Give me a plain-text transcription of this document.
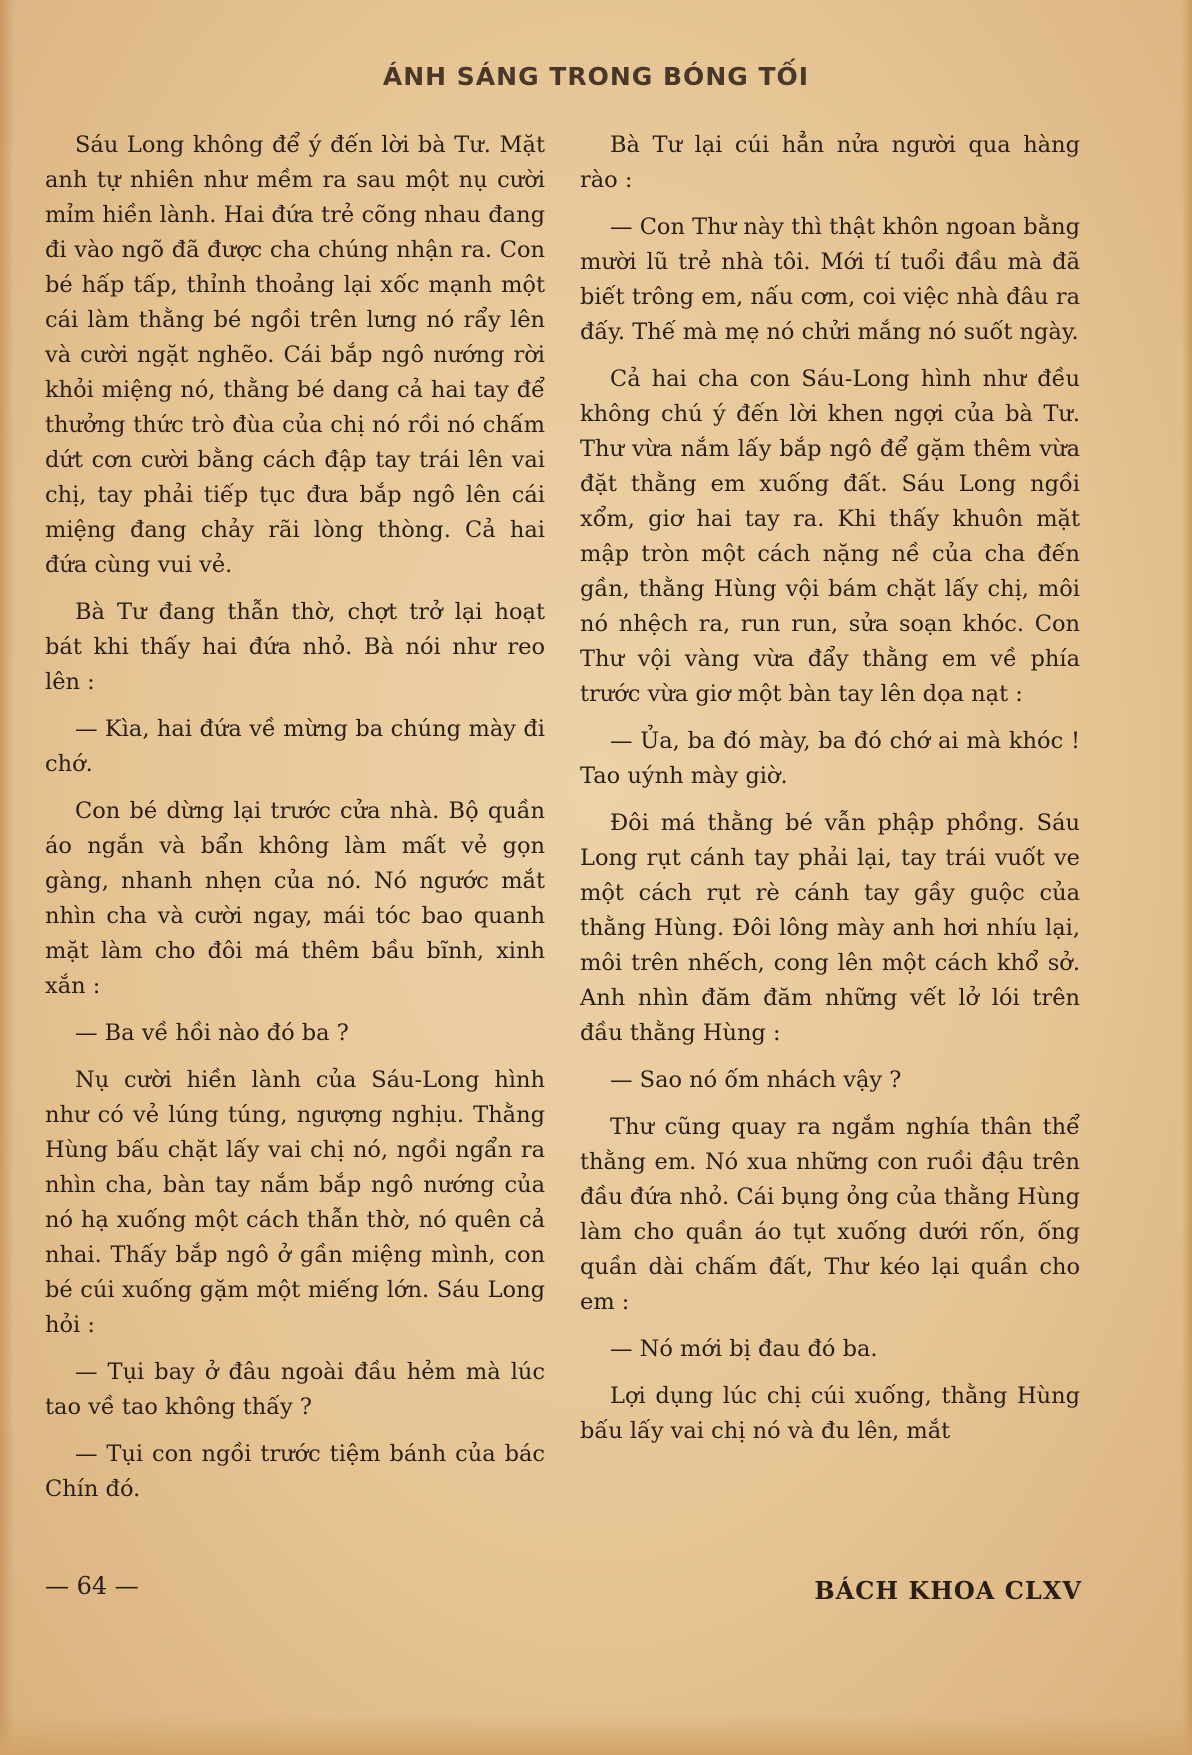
ÁNH SÁNG TRONG BÓNG TỐI

Sáu Long không để ý đến lời bà Tư. Mặt anh tự nhiên như mềm ra sau một nụ cười mỉm hiền lành. Hai đứa trẻ cõng nhau đang đi vào ngõ đã được cha chúng nhận ra. Con bé hấp tấp, thỉnh thoảng lại xốc mạnh một cái làm thằng bé ngồi trên lưng nó rẩy lên và cười ngặt nghẽo. Cái bắp ngô nướng rời khỏi miệng nó, thằng bé dang cả hai tay để thưởng thức trò đùa của chị nó rồi nó chấm dứt cơn cười bằng cách đập tay trái lên vai chị, tay phải tiếp tục đưa bắp ngô lên cái miệng đang chảy rãi lòng thòng. Cả hai đứa cùng vui vẻ.

Bà Tư đang thẫn thờ, chợt trở lại hoạt bát khi thấy hai đứa nhỏ. Bà nói như reo lên :

— Kìa, hai đứa về mừng ba chúng mày đi chớ.

Con bé dừng lại trước cửa nhà. Bộ quần áo ngắn và bẩn không làm mất vẻ gọn gàng, nhanh nhẹn của nó. Nó ngước mắt nhìn cha và cười ngay, mái tóc bao quanh mặt làm cho đôi má thêm bầu bĩnh, xinh xắn :

— Ba về hồi nào đó ba ?

Nụ cười hiền lành của Sáu-Long hình như có vẻ lúng túng, ngượng nghịu. Thằng Hùng bấu chặt lấy vai chị nó, ngồi ngẩn ra nhìn cha, bàn tay nắm bắp ngô nướng của nó hạ xuống một cách thẫn thờ, nó quên cả nhai. Thấy bắp ngô ở gần miệng mình, con bé cúi xuống gặm một miếng lớn. Sáu Long hỏi :

— Tụi bay ở đâu ngoài đầu hẻm mà lúc tao về tao không thấy ?

— Tụi con ngồi trước tiệm bánh của bác Chín đó.

Bà Tư lại cúi hẳn nửa người qua hàng rào :

— Con Thư này thì thật khôn ngoan bằng mười lũ trẻ nhà tôi. Mới tí tuổi đầu mà đã biết trông em, nấu cơm, coi việc nhà đâu ra đấy. Thế mà mẹ nó chửi mắng nó suốt ngày.

Cả hai cha con Sáu-Long hình như đều không chú ý đến lời khen ngợi của bà Tư. Thư vừa nắm lấy bắp ngô để gặm thêm vừa đặt thằng em xuống đất. Sáu Long ngồi xổm, giơ hai tay ra. Khi thấy khuôn mặt mập tròn một cách nặng nề của cha đến gần, thằng Hùng vội bám chặt lấy chị, môi nó nhệch ra, run run, sửa soạn khóc. Con Thư vội vàng vừa đẩy thằng em về phía trước vừa giơ một bàn tay lên dọa nạt :

— Ủa, ba đó mày, ba đó chớ ai mà khóc ! Tao uýnh mày giờ.

Đôi má thằng bé vẫn phập phồng. Sáu Long rụt cánh tay phải lại, tay trái vuốt ve một cách rụt rè cánh tay gầy guộc của thằng Hùng. Đôi lông mày anh hơi nhíu lại, môi trên nhếch, cong lên một cách khổ sở. Anh nhìn đăm đăm những vết lở lói trên đầu thằng Hùng :

— Sao nó ốm nhách vậy ?

Thư cũng quay ra ngắm nghía thân thể thằng em. Nó xua những con ruồi đậu trên đầu đứa nhỏ. Cái bụng ỏng của thằng Hùng làm cho quần áo tụt xuống dưới rốn, ống quần dài chấm đất, Thư kéo lại quần cho em :

— Nó mới bị đau đó ba.

Lợi dụng lúc chị cúi xuống, thằng Hùng bấu lấy vai chị nó và đu lên, mắt

— 64 —	BÁCH KHOA CLXV
